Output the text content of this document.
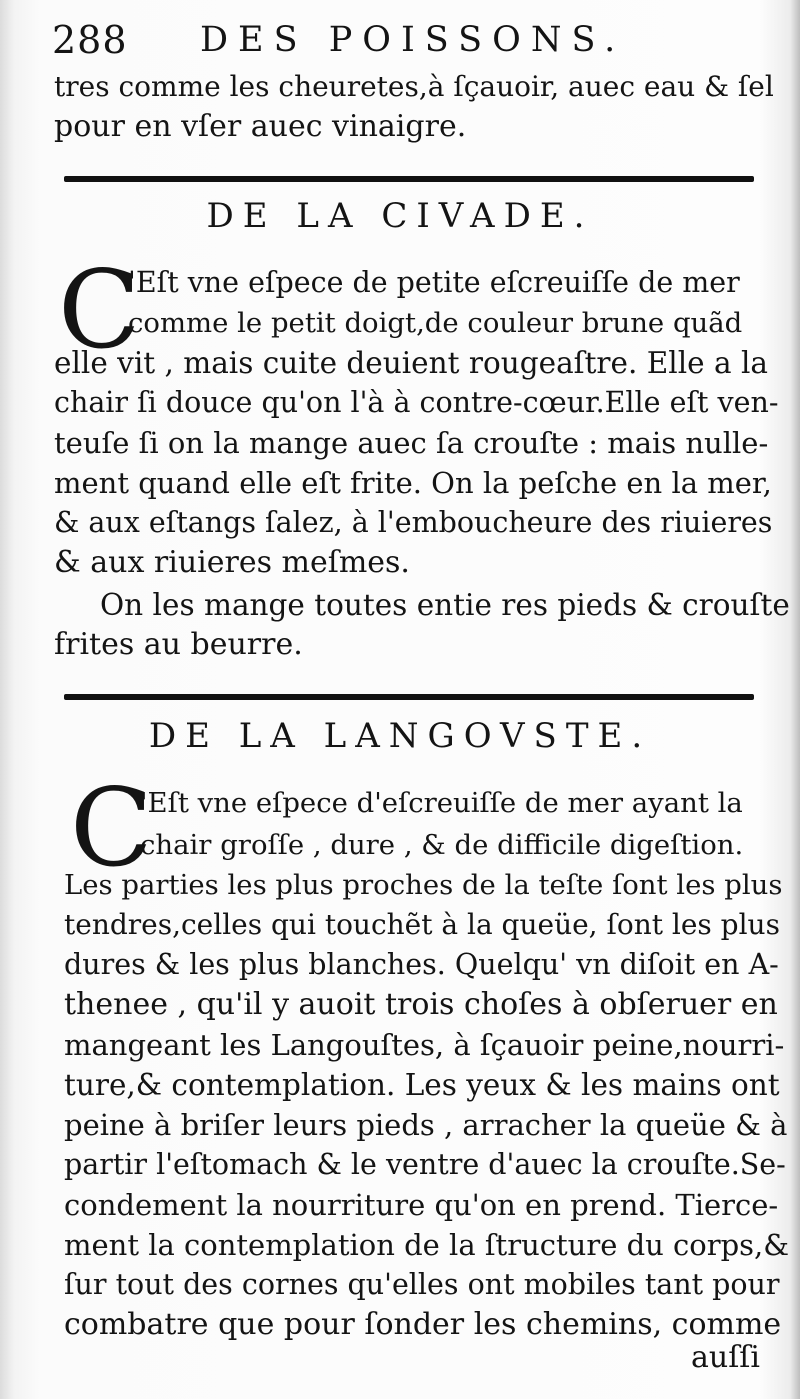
288 DES POISSONS.
tres comme les cheuretes,à ſçauoir, auec eau & ſel
pour en vſer auec vinaigre.
DE LA CIVADE.
C
'Eſt vne eſpece de petite eſcreuiſſe de mer
comme le petit doigt,de couleur brune quãd
elle vit , mais cuite deuient rougeaſtre. Elle a la
chair ſi douce qu'on l'à à contre-cœur.Elle eſt ven-
teuſe ſi on la mange auec ſa crouſte : mais nulle-
ment quand elle eſt frite. On la peſche en la mer,
& aux eſtangs ſalez, à l'emboucheure des riuieres
& aux riuieres meſmes.
On les mange toutes entie res pieds & crouſte
frites au beurre.
DE LA LANGOVSTE.
C
'Eſt vne eſpece d'eſcreuiſſe de mer ayant la
chair groſſe , dure , & de difficile digeſtion.
Les parties les plus proches de la teſte ſont les plus
tendres,celles qui touchẽt à la queüe, ſont les plus
dures & les plus blanches. Quelqu' vn diſoit en A-
thenee , qu'il y auoit trois choſes à obſeruer en
mangeant les Langouſtes, à ſçauoir peine,nourri-
ture,& contemplation. Les yeux & les mains ont
peine à briſer leurs pieds , arracher la queüe & à
partir l'eſtomach & le ventre d'auec la crouſte.Se-
condement la nourriture qu'on en prend. Tierce-
ment la contemplation de la ſtructure du corps,&
ſur tout des cornes qu'elles ont mobiles tant pour
combatre que pour ſonder les chemins, comme
auſſi
